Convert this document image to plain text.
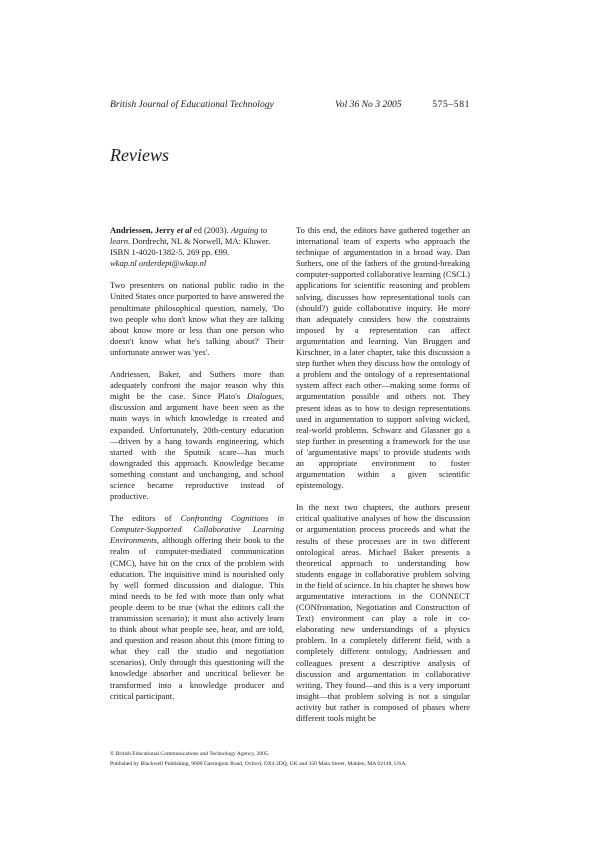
British Journal of Educational Technology	Vol 36 No 3 2005	575–581
Reviews
Andriessen, Jerry et al ed (2003). Arguing to
learn. Dordrecht, NL & Norwell, MA: Kluwer.
ISBN 1-4020-1382-5. 269 pp. €99.
wkap.nl orderdept@wkap.nl

Two presenters on national public radio in the United States once purported to have answered the penultimate philosophical question, namely, 'Do two people who don't know what they are talking about know more or less than one person who doesn't know what he's talking about?' Their unfortunate answer was 'yes'.

Andriessen, Baker, and Suthers more than adequately confront the major reason why this might be the case. Since Plato's Dialogues, discussion and argument have been seen as the main ways in which knowledge is created and expanded. Unfortunately, 20th-century education—driven by a hang towards engineering, which started with the Sputnik scare—has much downgraded this approach. Knowledge became something constant and unchanging, and school science became reproductive instead of productive.

The editors of Confronting Cognitions in Computer-Supported Collaborative Learning Environments, although offering their book to the realm of computer-mediated communication (CMC), have hit on the crux of the problem with education. The inquisitive mind is nourished only by well formed discussion and dialogue. This mind needs to be fed with more than only what people deem to be true (what the editors call the transmission scenario); it must also actively learn to think about what people see, hear, and are told, and question and reason about this (more fitting to what they call the studio and negotiation scenarios). Only through this questioning will the knowledge absorber and uncritical believer be transformed into a knowledge producer and critical participant.

To this end, the editors have gathered together an international team of experts who approach the technique of argumentation in a broad way. Dan Suthers, one of the fathers of the ground-breaking computer-supported collaborative learning (CSCL) applications for scientific reasoning and problem solving, discusses how representational tools can (should?) guide collaborative inquiry. He more than adequately considers how the constraints imposed by a representation can affect argumentation and learning. Van Bruggen and Kirschner, in a later chapter, take this discussion a step further when they discuss how the ontology of a problem and the ontology of a representational system affect each other—making some forms of argumentation possible and others not. They present ideas as to how to design representations used in argumentation to support solving wicked, real-world problems. Schwarz and Glassner go a step further in presenting a framework for the use of 'argumentative maps' to provide students with an appropriate environment to foster argumentation within a given scientific epistemology.

In the next two chapters, the authors present critical qualitative analyses of how the discussion or argumentation process proceeds and what the results of these processes are in two different ontological areas. Michael Baker presents a theoretical approach to understanding how students engage in collaborative problem solving in the field of science. In his chapter he shows how argumentative interactions in the CONNECT (CONfrontation, Negotiation and Construction of Text) environment can play a role in co-elaborating new understandings of a physics problem. In a completely different field, with a completely different ontology, Andriessen and colleagues present a descriptive analysis of discussion and argumentation in collaborative writing. They found—and this is a very important insight—that problem solving is not a singular activity but rather is composed of phases where different tools might be

© British Educational Communications and Technology Agency, 2005.
Published by Blackwell Publishing, 9600 Garsington Road, Oxford, OX4 2DQ, UK and 350 Main Street, Malden, MA 02148, USA.
